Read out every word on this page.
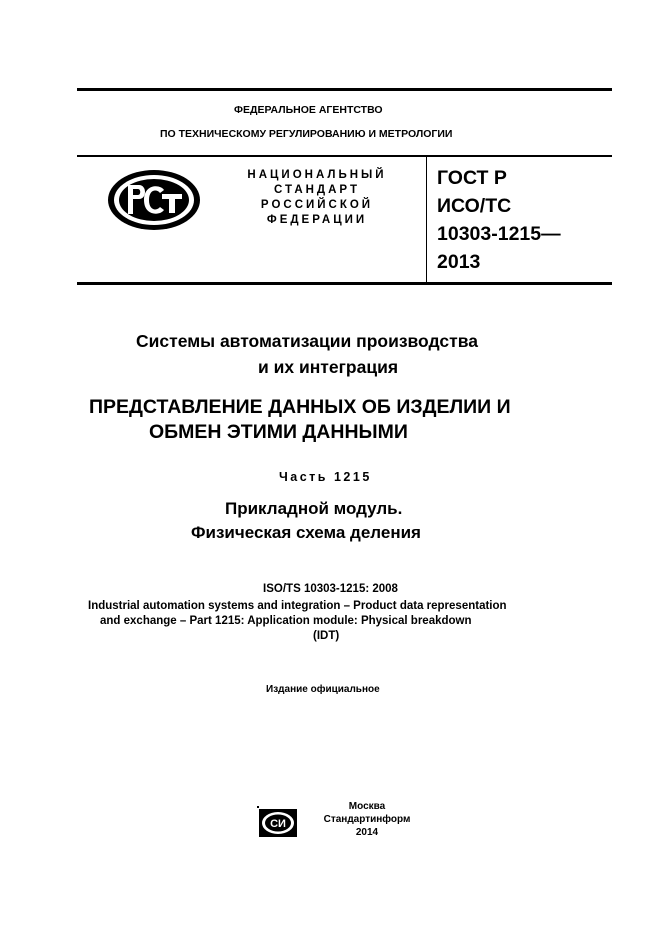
ФЕДЕРАЛЬНОЕ АГЕНТСТВО
ПО ТЕХНИЧЕСКОМУ РЕГУЛИРОВАНИЮ И МЕТРОЛОГИИ
НАЦИОНАЛЬНЫЙ
СТАНДАРТ
РОССИЙСКОЙ
ФЕДЕРАЦИИ
ГОСТ Р
ИСО/ТС
10303-1215—
2013
Системы автоматизации производства
и их интеграция
ПРЕДСТАВЛЕНИЕ ДАННЫХ ОБ ИЗДЕЛИИ И
ОБМЕН ЭТИМИ ДАННЫМИ
Часть 1215
Прикладной модуль.
Физическая схема деления
ISO/TS 10303-1215: 2008
Industrial automation systems and integration – Product data representation
and exchange – Part 1215: Application module: Physical breakdown
(IDT)
Издание официальное
СИ
Москва
Стандартинформ
2014
